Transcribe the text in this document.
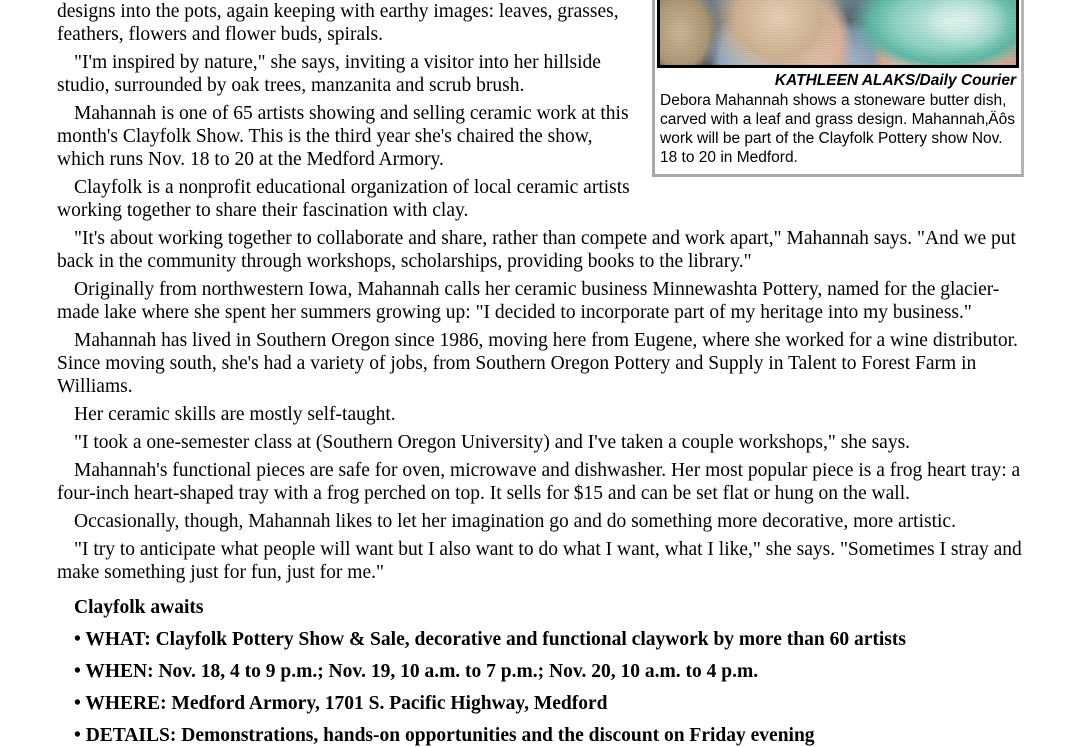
KATHLEEN ALAKS/Daily Courier
Debora Mahannah shows a stoneware butter dish, carved with a leaf and grass design. Mahannah‚Äôs work will be part of the Clayfolk Pottery show Nov. 18 to 20 in Medford.

designs into the pots, again keeping with earthy images: leaves, grasses, feathers, flowers and flower buds, spirals.

"I'm inspired by nature," she says, inviting a visitor into her hillside studio, surrounded by oak trees, manzanita and scrub brush.

Mahannah is one of 65 artists showing and selling ceramic work at this month's Clayfolk Show. This is the third year she's chaired the show, which runs Nov. 18 to 20 at the Medford Armory.

Clayfolk is a nonprofit educational organization of local ceramic artists working together to share their fascination with clay.

"It's about working together to collaborate and share, rather than compete and work apart," Mahannah says. "And we put back in the community through workshops, scholarships, providing books to the library."

Originally from northwestern Iowa, Mahannah calls her ceramic business Minnewashta Pottery, named for the glacier-made lake where she spent her summers growing up: "I decided to incorporate part of my heritage into my business."

Mahannah has lived in Southern Oregon since 1986, moving here from Eugene, where she worked for a wine distributor. Since moving south, she's had a variety of jobs, from Southern Oregon Pottery and Supply in Talent to Forest Farm in Williams.

Her ceramic skills are mostly self-taught.

"I took a one-semester class at (Southern Oregon University) and I've taken a couple workshops," she says.

Mahannah's functional pieces are safe for oven, microwave and dishwasher. Her most popular piece is a frog heart tray: a four-inch heart-shaped tray with a frog perched on top. It sells for $15 and can be set flat or hung on the wall.

Occasionally, though, Mahannah likes to let her imagination go and do something more decorative, more artistic.

"I try to anticipate what people will want but I also want to do what I want, what I like," she says. "Sometimes I stray and make something just for fun, just for me."

Clayfolk awaits

• WHAT: Clayfolk Pottery Show & Sale, decorative and functional claywork by more than 60 artists

• WHEN: Nov. 18, 4 to 9 p.m.; Nov. 19, 10 a.m. to 7 p.m.; Nov. 20, 10 a.m. to 4 p.m.

• WHERE: Medford Armory, 1701 S. Pacific Highway, Medford

• DETAILS: Demonstrations, hands-on opportunities and the discount on Friday evening
